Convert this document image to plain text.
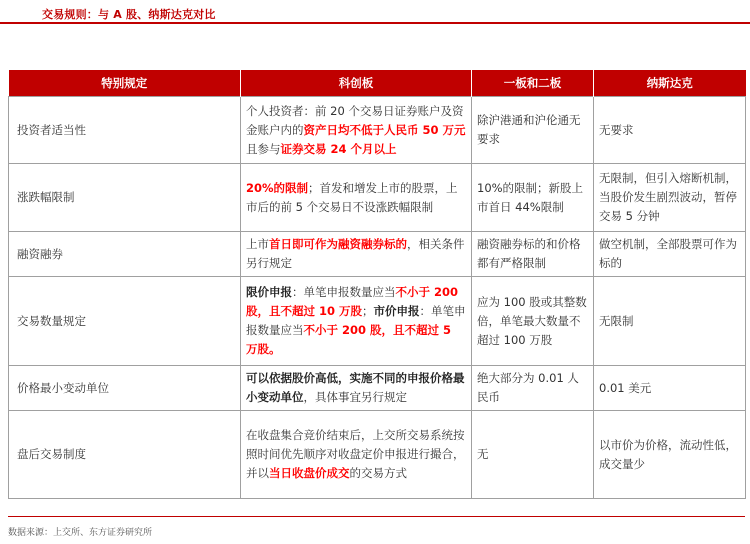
交易规则：与 A 股、纳斯达克对比
特别规定	科创板	一板和二板	纳斯达克
投资者适当性	个人投资者：前 20 个交易日证券账户及资金账户内的资产日均不低于人民币 50 万元且参与证券交易 24 个月以上	除沪港通和沪伦通无要求	无要求
涨跌幅限制	20%的限制；首发和增发上市的股票，上市后的前 5 个交易日不设涨跌幅限制	10%的限制；新股上市首日 44%限制	无限制，但引入熔断机制，当股价发生剧烈波动，暂停交易 5 分钟
融资融券	上市首日即可作为融资融券标的，相关条件另行规定	融资融券标的和价格都有严格限制	做空机制，全部股票可作为标的
交易数量规定	限价申报：单笔申报数量应当不小于 200 股，且不超过 10 万股；市价申报：单笔申报数量应当不小于 200 股，且不超过 5 万股。	应为 100 股或其整数倍，单笔最大数量不超过 100 万股	无限制
价格最小变动单位	可以依据股价高低，实施不同的申报价格最小变动单位，具体事宜另行规定	绝大部分为 0.01 人民币	0.01 美元
盘后交易制度	在收盘集合竞价结束后，上交所交易系统按照时间优先顺序对收盘定价申报进行撮合，并以当日收盘价成交的交易方式	无	以市价为价格，流动性低，成交量少
数据来源：上交所、东方证券研究所
